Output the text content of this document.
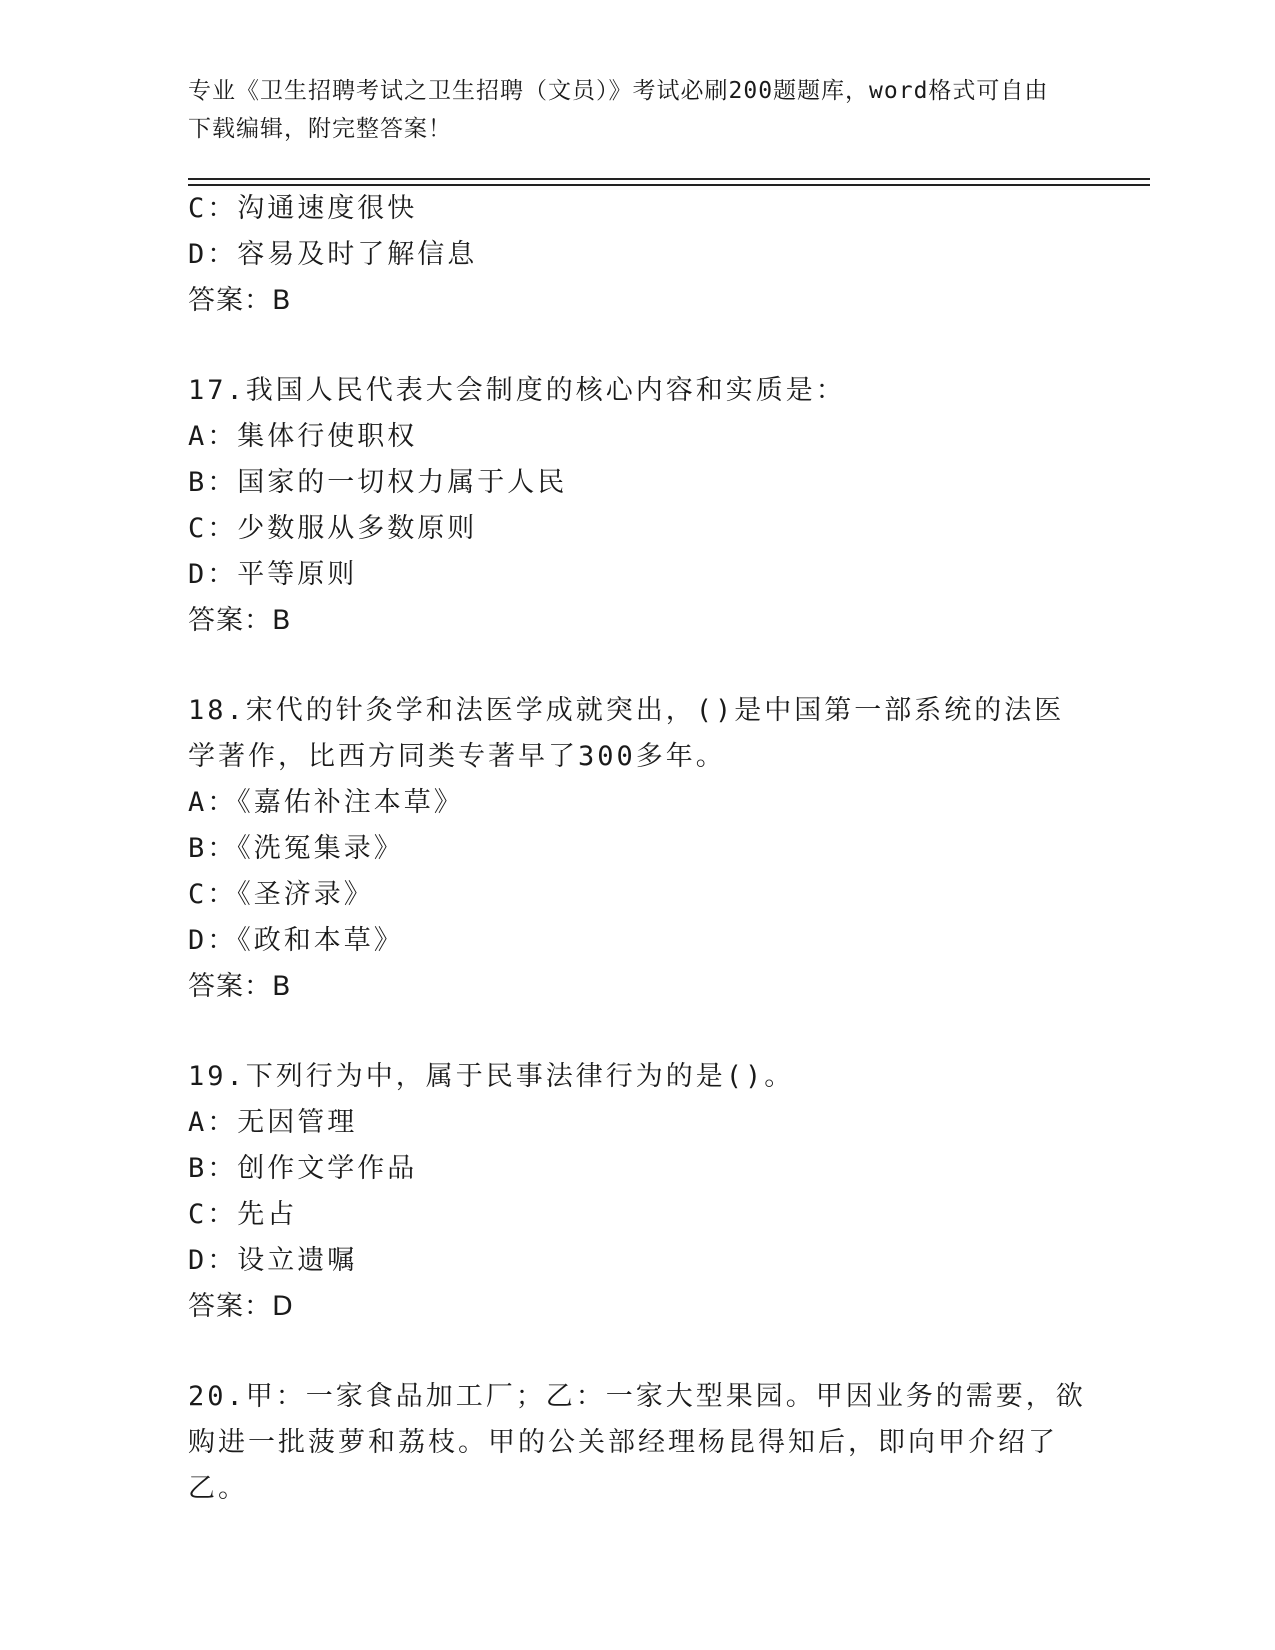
专业《卫生招聘考试之卫生招聘（文员）》考试必刷200题题库，word格式可自由下载编辑，附完整答案！
C：沟通速度很快
D：容易及时了解信息
答案：B
17.我国人民代表大会制度的核心内容和实质是：
A：集体行使职权
B：国家的一切权力属于人民
C：少数服从多数原则
D：平等原则
答案：B
18.宋代的针灸学和法医学成就突出，()是中国第一部系统的法医学著作，比西方同类专著早了300多年。
A：《嘉佑补注本草》
B：《洗冤集录》
C：《圣济录》
D：《政和本草》
答案：B
19.下列行为中，属于民事法律行为的是()。
A：无因管理
B：创作文学作品
C：先占
D：设立遗嘱
答案：D
20.甲：一家食品加工厂；乙：一家大型果园。甲因业务的需要，欲购进一批菠萝和荔枝。甲的公关部经理杨昆得知后，即向甲介绍了乙。
